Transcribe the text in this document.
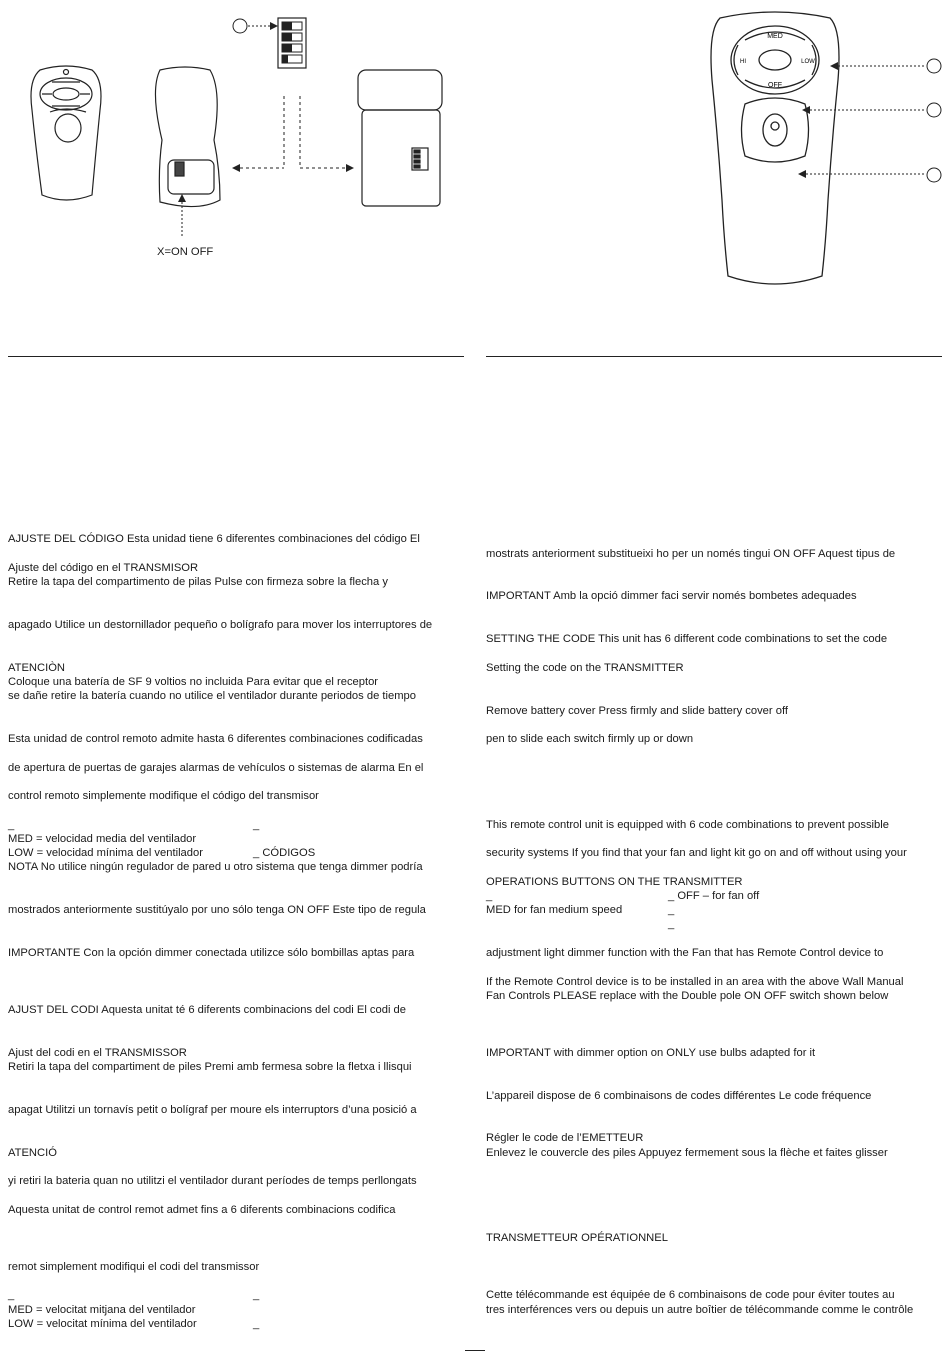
MED
HI	LOW
OFF
X=ON OFF
AJUSTE DEL CÓDIGO Esta unidad tiene 6 diferentes combinaciones del código El
Ajuste del código en el TRANSMISOR
Retire la tapa del compartimento de pilas Pulse con firmeza sobre la flecha y
apagado Utilice un destornillador pequeño o bolígrafo para mover los interruptores de
ATENCIÒN
Coloque una batería de SF 9 voltios no incluida Para evitar que el receptor
se dañe retire la batería cuando no utilice el ventilador durante periodos de tiempo
Esta unidad de control remoto admite hasta 6 diferentes combinaciones codificadas
de apertura de puertas de garajes alarmas de vehículos o sistemas de alarma En el
control remoto simplemente modifique el código del transmisor
_
MED = velocidad media del ventilador
LOW = velocidad mínima del ventilador
NOTA No utilice ningún regulador de pared u otro sistema que tenga dimmer podría
mostrados anteriormente sustitúyalo por uno sólo tenga ON OFF Este tipo de regula
IMPORTANTE Con la opción dimmer conectada utilizce sólo bombillas aptas para
AJUST DEL CODI Aquesta unitat té 6 diferents combinacions del codi El codi de
Ajust del codi en el TRANSMISSOR
Retiri la tapa del compartiment de piles Premi amb fermesa sobre la fletxa i llisqui
apagat Utilitzi un tornavís petit o bolígraf per moure els interruptors d’una posició a
ATENCIÓ
yi retiri la bateria quan no utilitzi el ventilador durant períodes de temps perllongats
Aquesta unitat de control remot admet fins a 6 diferents combinacions codifica
remot simplement modifiqui el codi del transmissor
_
MED = velocitat mitjana del ventilador
LOW = velocitat mínima del ventilador
_
_ CÓDIGOS
_
_
mostrats anteriorment substitueixi ho per un només tingui ON OFF Aquest tipus de
IMPORTANT Amb la opció dimmer faci servir només bombetes adequades
SETTING THE CODE This unit has 6 different code combinations to set the code
Setting the code on the TRANSMITTER
Remove battery cover Press firmly and slide battery cover off
pen to slide each switch firmly up or down
This remote control unit is equipped with 6 code combinations to prevent possible
security systems If you find that your fan and light kit go on and off without using your
OPERATIONS BUTTONS ON THE TRANSMITTER
_
MED for fan medium speed
adjustment light dimmer function with the Fan that has Remote Control device to
If the Remote Control device is to be installed in an area with the above Wall Manual
Fan Controls PLEASE replace with the Double pole ON OFF switch shown below
IMPORTANT with dimmer option on ONLY use bulbs adapted for it
L’appareil dispose de 6 combinaisons de codes différentes Le code fréquence
Régler le code de l’EMETTEUR
Enlevez le couvercle des piles Appuyez fermement sous la flèche et faites glisser
TRANSMETTEUR OPÉRATIONNEL
Cette télécommande est équipée de 6 combinaisons de code pour éviter toutes au
tres interférences vers ou depuis un autre boîtier de télécommande comme le contrôle
_ OFF – for fan off
_
_
